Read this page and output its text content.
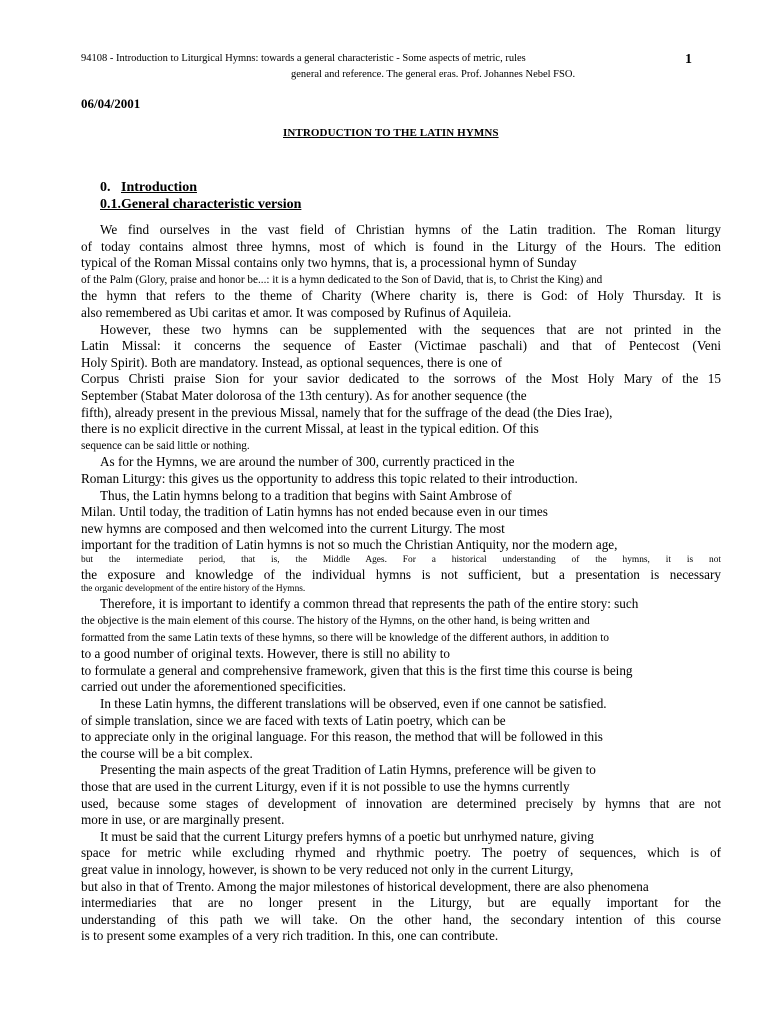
94108 - Introduction to Liturgical Hymns: towards a general characteristic - Some aspects of metric, rules
general and reference. The general eras. Prof. Johannes Nebel FSO.
1
06/04/2001
INTRODUCTION TO THE LATIN HYMNS
0. Introduction
0.1.General characteristic version
We find ourselves in the vast field of Christian hymns of the Latin tradition. The Roman liturgy
of today contains almost three hymns, most of which is found in the Liturgy of the Hours. The edition
typical of the Roman Missal contains only two hymns, that is, a processional hymn of Sunday
of the Palm (Glory, praise and honor be...: it is a hymn dedicated to the Son of David, that is, to Christ the King) and
the hymn that refers to the theme of Charity (Where charity is, there is God: of Holy Thursday. It is
also remembered as Ubi caritas et amor. It was composed by Rufinus of Aquileia.
However, these two hymns can be supplemented with the sequences that are not printed in the
Latin Missal: it concerns the sequence of Easter (Victimae paschali) and that of Pentecost (Veni
Holy Spirit). Both are mandatory. Instead, as optional sequences, there is one of
Corpus Christi praise Sion for your savior dedicated to the sorrows of the Most Holy Mary of the 15
September (Stabat Mater dolorosa of the 13th century). As for another sequence (the
fifth), already present in the previous Missal, namely that for the suffrage of the dead (the Dies Irae),
there is no explicit directive in the current Missal, at least in the typical edition. Of this
sequence can be said little or nothing.
As for the Hymns, we are around the number of 300, currently practiced in the
Roman Liturgy: this gives us the opportunity to address this topic related to their introduction.
Thus, the Latin hymns belong to a tradition that begins with Saint Ambrose of
Milan. Until today, the tradition of Latin hymns has not ended because even in our times
new hymns are composed and then welcomed into the current Liturgy. The most
important for the tradition of Latin hymns is not so much the Christian Antiquity, nor the modern age,
but the intermediate period, that is, the Middle Ages. For a historical understanding of the hymns, it is not
the exposure and knowledge of the individual hymns is not sufficient, but a presentation is necessary
the organic development of the entire history of the Hymns.
Therefore, it is important to identify a common thread that represents the path of the entire story: such
the objective is the main element of this course. The history of the Hymns, on the other hand, is being written and
formatted from the same Latin texts of these hymns, so there will be knowledge of the different authors, in addition to
to a good number of original texts. However, there is still no ability to
to formulate a general and comprehensive framework, given that this is the first time this course is being
carried out under the aforementioned specificities.
In these Latin hymns, the different translations will be observed, even if one cannot be satisfied.
of simple translation, since we are faced with texts of Latin poetry, which can be
to appreciate only in the original language. For this reason, the method that will be followed in this
the course will be a bit complex.
Presenting the main aspects of the great Tradition of Latin Hymns, preference will be given to
those that are used in the current Liturgy, even if it is not possible to use the hymns currently
used, because some stages of development of innovation are determined precisely by hymns that are not
more in use, or are marginally present.
It must be said that the current Liturgy prefers hymns of a poetic but unrhymed nature, giving
space for metric while excluding rhymed and rhythmic poetry. The poetry of sequences, which is of
great value in innology, however, is shown to be very reduced not only in the current Liturgy,
but also in that of Trento. Among the major milestones of historical development, there are also phenomena
intermediaries that are no longer present in the Liturgy, but are equally important for the
understanding of this path we will take. On the other hand, the secondary intention of this course
is to present some examples of a very rich tradition. In this, one can contribute.
